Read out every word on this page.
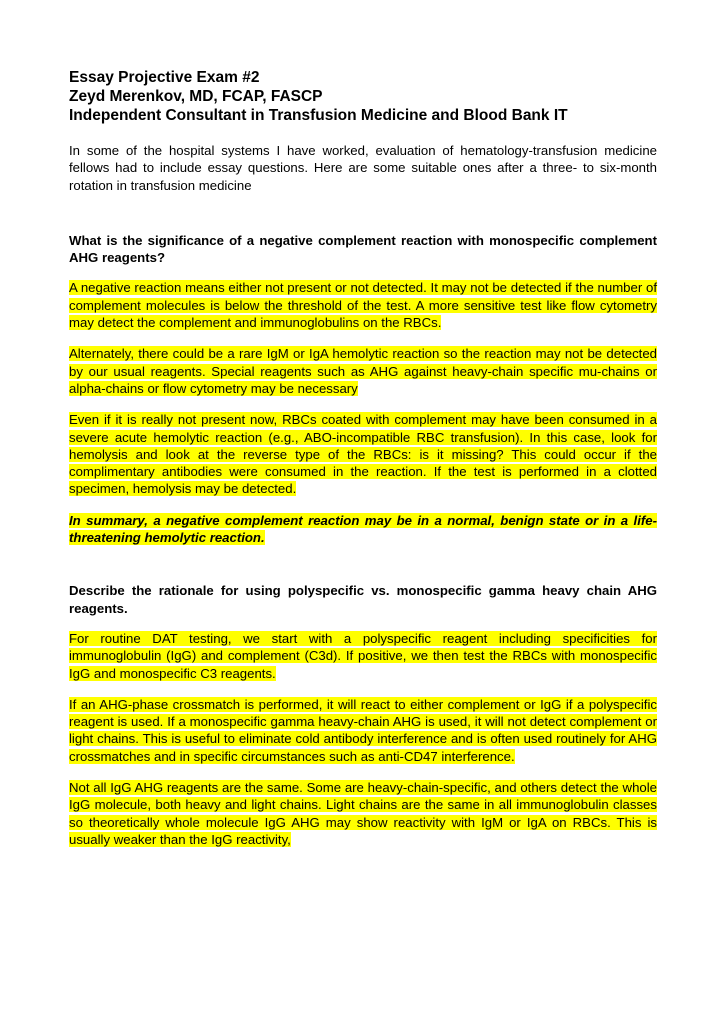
Essay Projective Exam #2

Zeyd Merenkov, MD, FCAP, FASCP

Independent Consultant in Transfusion Medicine and Blood Bank IT

In some of the hospital systems I have worked, evaluation of hematology-transfusion medicine fellows had to include essay questions. Here are some suitable ones after a three- to six-month rotation in transfusion medicine

What is the significance of a negative complement reaction with monospecific complement AHG reagents?

A negative reaction means either not present or not detected. It may not be detected if the number of complement molecules is below the threshold of the test. A more sensitive test like flow cytometry may detect the complement and immunoglobulins on the RBCs.

Alternately, there could be a rare IgM or IgA hemolytic reaction so the reaction may not be detected by our usual reagents. Special reagents such as AHG against heavy-chain specific mu-chains or alpha-chains or flow cytometry may be necessary

Even if it is really not present now, RBCs coated with complement may have been consumed in a severe acute hemolytic reaction (e.g., ABO-incompatible RBC transfusion). In this case, look for hemolysis and look at the reverse type of the RBCs: is it missing? This could occur if the complimentary antibodies were consumed in the reaction. If the test is performed in a clotted specimen, hemolysis may be detected.

In summary, a negative complement reaction may be in a normal, benign state or in a life-threatening hemolytic reaction.

Describe the rationale for using polyspecific vs. monospecific gamma heavy chain AHG reagents.

For routine DAT testing, we start with a polyspecific reagent including specificities for immunoglobulin (IgG) and complement (C3d). If positive, we then test the RBCs with monospecific IgG and monospecific C3 reagents.

If an AHG-phase crossmatch is performed, it will react to either complement or IgG if a polyspecific reagent is used. If a monospecific gamma heavy-chain AHG is used, it will not detect complement or light chains. This is useful to eliminate cold antibody interference and is often used routinely for AHG crossmatches and in specific circumstances such as anti-CD47 interference.

Not all IgG AHG reagents are the same. Some are heavy-chain-specific, and others detect the whole IgG molecule, both heavy and light chains. Light chains are the same in all immunoglobulin classes so theoretically whole molecule IgG AHG may show reactivity with IgM or IgA on RBCs. This is usually weaker than the IgG reactivity,
